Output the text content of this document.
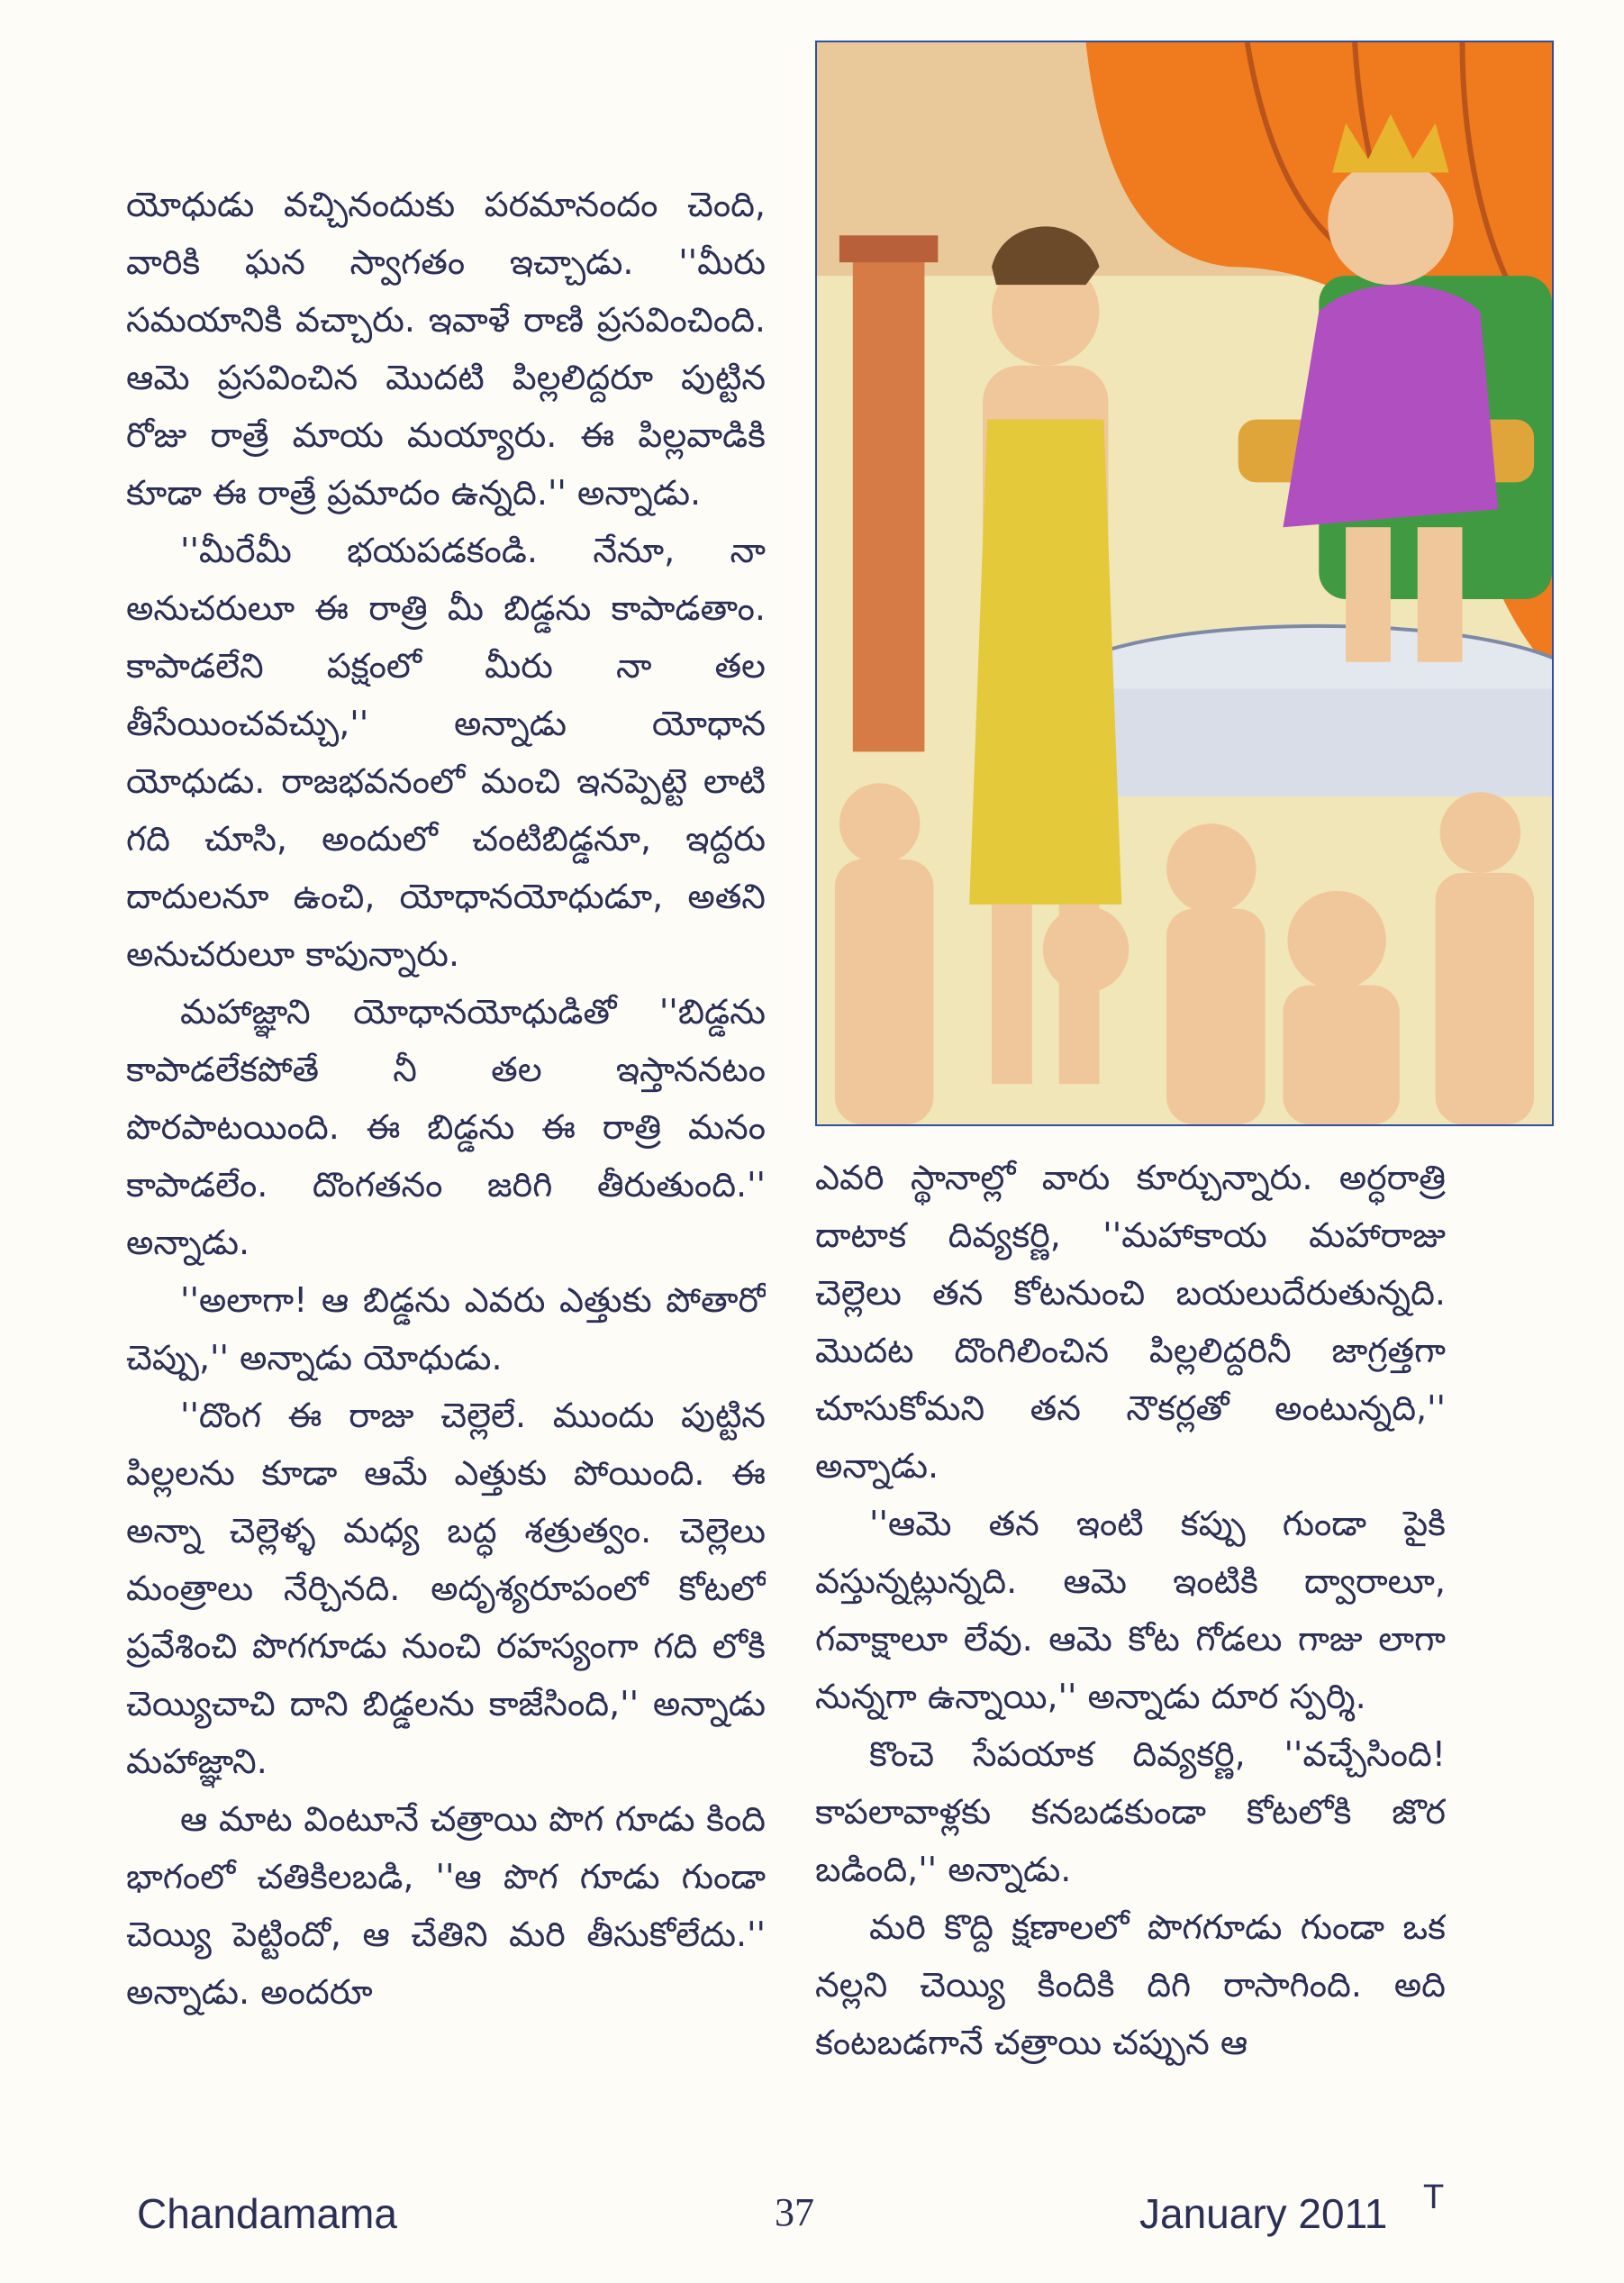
యోధుడు వచ్చినందుకు పరమానందం చెంది, వారికి ఘన స్వాగతం ఇచ్చాడు. ''మీరు సమయానికి వచ్చారు. ఇవాళే రాణి ప్రసవించింది. ఆమె ప్రసవించిన మొదటి పిల్లలిద్దరూ పుట్టిన రోజు రాత్రే మాయ మయ్యారు. ఈ పిల్లవాడికి కూడా ఈ రాత్రే ప్రమాదం ఉన్నది.'' అన్నాడు.

''మీరేమీ భయపడకండి. నేనూ, నా అనుచరులూ ఈ రాత్రి మీ బిడ్డను కాపాడతాం. కాపాడలేని పక్షంలో మీరు నా తల తీసేయించవచ్చు,'' అన్నాడు యోధాన యోధుడు. రాజభవనంలో మంచి ఇనప్పెట్టె లాటి గది చూసి, అందులో చంటిబిడ్డనూ, ఇద్దరు దాదులనూ ఉంచి, యోధానయోధుడూ, అతని అనుచరులూ కాపున్నారు.

మహాజ్ఞాని యోధానయోధుడితో ''బిడ్డను కాపాడలేకపోతే నీ తల ఇస్తాననటం పొరపాటయింది. ఈ బిడ్డను ఈ రాత్రి మనం కాపాడలేం. దొంగతనం జరిగి తీరుతుంది.'' అన్నాడు.

''అలాగా! ఆ బిడ్డను ఎవరు ఎత్తుకు పోతారో చెప్పు,'' అన్నాడు యోధుడు.

''దొంగ ఈ రాజు చెల్లెలే. ముందు పుట్టిన పిల్లలను కూడా ఆమే ఎత్తుకు పోయింది. ఈ అన్నా చెల్లెళ్ళ మధ్య బద్ధ శత్రుత్వం. చెల్లెలు మంత్రాలు నేర్చినది. అదృశ్యరూపంలో కోటలో ప్రవేశించి పొగగూడు నుంచి రహస్యంగా గది లోకి చెయ్యిచాచి దాని బిడ్డలను కాజేసింది,'' అన్నాడు మహాజ్ఞాని.

ఆ మాట వింటూనే చత్రాయి పొగ గూడు కింది భాగంలో చతికిలబడి, ''ఆ పొగ గూడు గుండా చెయ్యి పెట్టిందో, ఆ చేతిని మరి తీసుకోలేదు.'' అన్నాడు. అందరూ

ఎవరి స్థానాల్లో వారు కూర్చున్నారు. అర్ధరాత్రి దాటాక దివ్యకర్ణి, ''మహాకాయ మహారాజు చెల్లెలు తన కోటనుంచి బయలుదేరుతున్నది. మొదట దొంగిలించిన పిల్లలిద్దరినీ జాగ్రత్తగా చూసుకోమని తన నౌకర్లతో అంటున్నది,'' అన్నాడు.

''ఆమె తన ఇంటి కప్పు గుండా పైకి వస్తున్నట్లున్నది. ఆమె ఇంటికి ద్వారాలూ, గవాక్షాలూ లేవు. ఆమె కోట గోడలు గాజు లాగా నున్నగా ఉన్నాయి,'' అన్నాడు దూర స్పర్శి.

కొంచె సేపయాక దివ్యకర్ణి, ''వచ్చేసింది! కాపలావాళ్లకు కనబడకుండా కోటలోకి జొర బడింది,'' అన్నాడు.

మరి కొద్ది క్షణాలలో పొగగూడు గుండా ఒక నల్లని చెయ్యి కిందికి దిగి రాసాగింది. అది కంటబడగానే చత్రాయి చప్పున ఆ

Chandamama	37	January 2011 T
